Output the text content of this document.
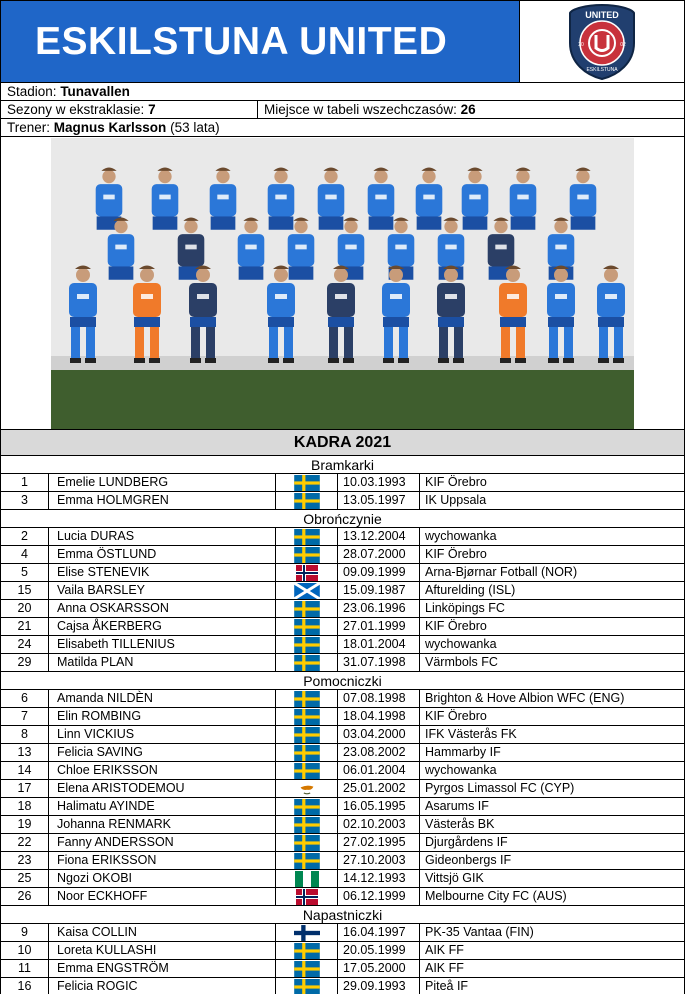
ESKILSTUNA UNITED
UNITED
20	02
ESKILSTUNA
Stadion: Tunavallen
Sezony w ekstraklasie: 7	Miejsce w tabeli wszechczasów: 26
Trener: Magnus Karlsson (53 lata)
KADRA 2021
Bramkarki
1	Emelie LUNDBERG	10.03.1993	KIF Örebro
3	Emma HOLMGREN	13.05.1997	IK Uppsala
Obrończynie
2	Lucia DURAS	13.12.2004	wychowanka
4	Emma ÖSTLUND	28.07.2000	KIF Örebro
5	Elise STENEVIK	09.09.1999	Arna-Bjørnar Fotball (NOR)
15	Vaila BARSLEY	15.09.1987	Afturelding (ISL)
20	Anna OSKARSSON	23.06.1996	Linköpings FC
21	Cajsa ÅKERBERG	27.01.1999	KIF Örebro
24	Elisabeth TILLENIUS	18.01.2004	wychowanka
29	Matilda PLAN	31.07.1998	Värmbols FC
Pomocniczki
6	Amanda NILDÈN	07.08.1998	Brighton & Hove Albion WFC (ENG)
7	Elin ROMBING	18.04.1998	KIF Örebro
8	Linn VICKIUS	03.04.2000	IFK Västerås FK
13	Felicia SAVING	23.08.2002	Hammarby IF
14	Chloe ERIKSSON	06.01.2004	wychowanka
17	Elena ARISTODEMOU	25.01.2002	Pyrgos Limassol FC (CYP)
18	Halimatu AYINDE	16.05.1995	Asarums IF
19	Johanna RENMARK	02.10.2003	Västerås BK
22	Fanny ANDERSSON	27.02.1995	Djurgårdens IF
23	Fiona ERIKSSON	27.10.2003	Gideonbergs IF
25	Ngozi OKOBI	14.12.1993	Vittsjö GIK
26	Noor ECKHOFF	06.12.1999	Melbourne City FC (AUS)
Napastniczki
9	Kaisa COLLIN	16.04.1997	PK-35 Vantaa (FIN)
10	Loreta KULLASHI	20.05.1999	AIK FF
11	Emma ENGSTRÖM	17.05.2000	AIK FF
16	Felicia ROGIC	29.09.1993	Piteå IF
